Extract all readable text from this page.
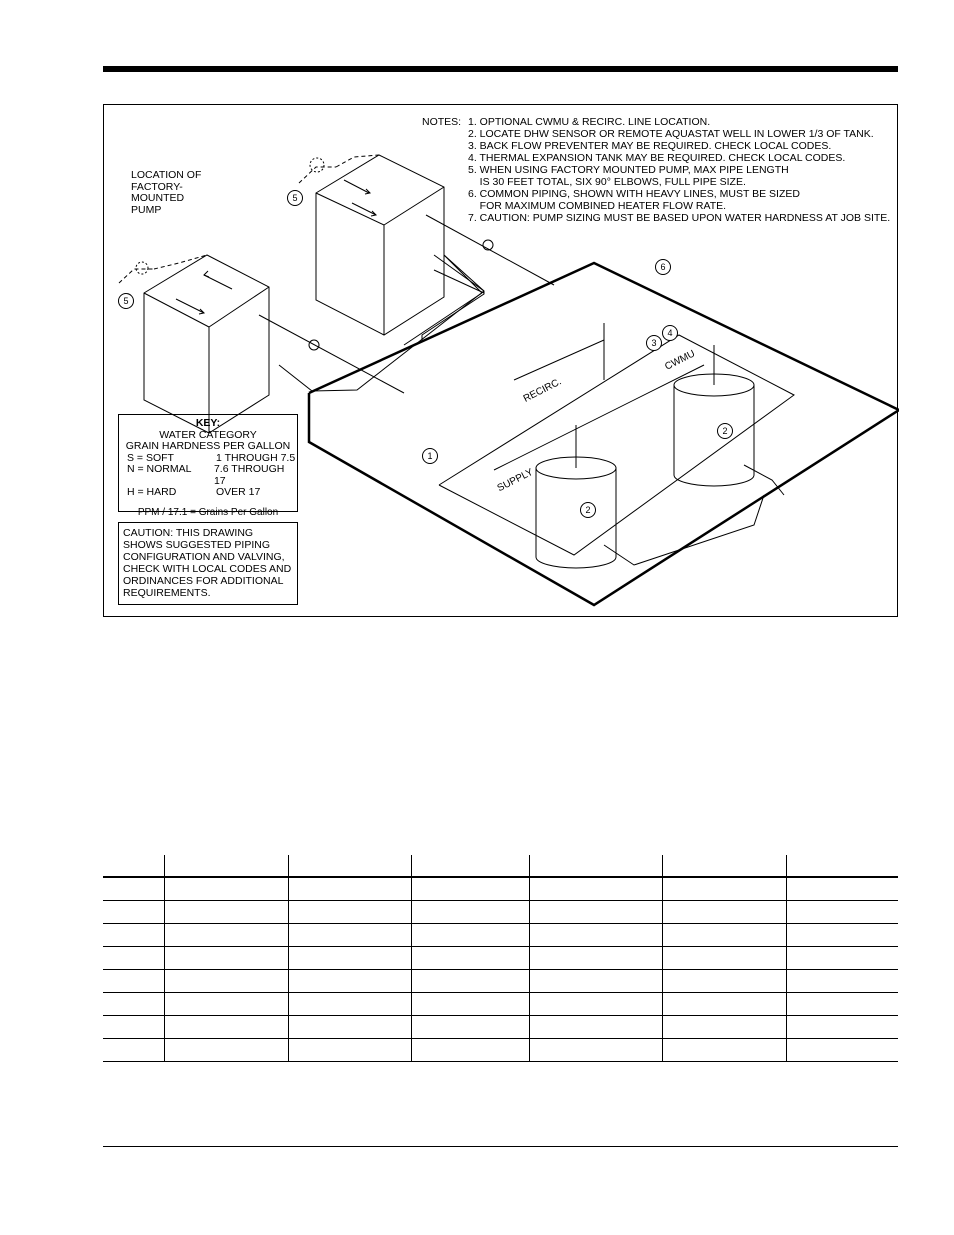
NOTES: 1. OPTIONAL CWMU & RECIRC. LINE LOCATION.
2. LOCATE DHW SENSOR OR REMOTE AQUASTAT WELL IN LOWER 1/3 OF TANK.
3. BACK FLOW PREVENTER MAY BE REQUIRED. CHECK LOCAL CODES.
4. THERMAL EXPANSION TANK MAY BE REQUIRED. CHECK LOCAL CODES.
5. WHEN USING FACTORY MOUNTED PUMP, MAX PIPE LENGTH
IS 30 FEET TOTAL, SIX 90° ELBOWS, FULL PIPE SIZE.
6. COMMON PIPING, SHOWN WITH HEAVY LINES, MUST BE SIZED
FOR MAXIMUM COMBINED HEATER FLOW RATE.
7. CAUTION: PUMP SIZING MUST BE BASED UPON WATER HARDNESS AT JOB SITE.
LOCATION OF
FACTORY-
MOUNTED
PUMP
KEY:
WATER CATEGORY
GRAIN HARDNESS PER GALLON
S = SOFT	1 THROUGH 7.5
N = NORMAL	7.6 THROUGH 17
H = HARD	OVER 17
PPM / 17.1 = Grains Per Gallon
CAUTION: THIS DRAWING
SHOWS SUGGESTED PIPING
CONFIGURATION AND VALVING,
CHECK WITH LOCAL CODES AND
ORDINANCES FOR ADDITIONAL
REQUIREMENTS.
RECIRC.
SUPPLY
CWMU
5
5
6
3
4
1
2
2
